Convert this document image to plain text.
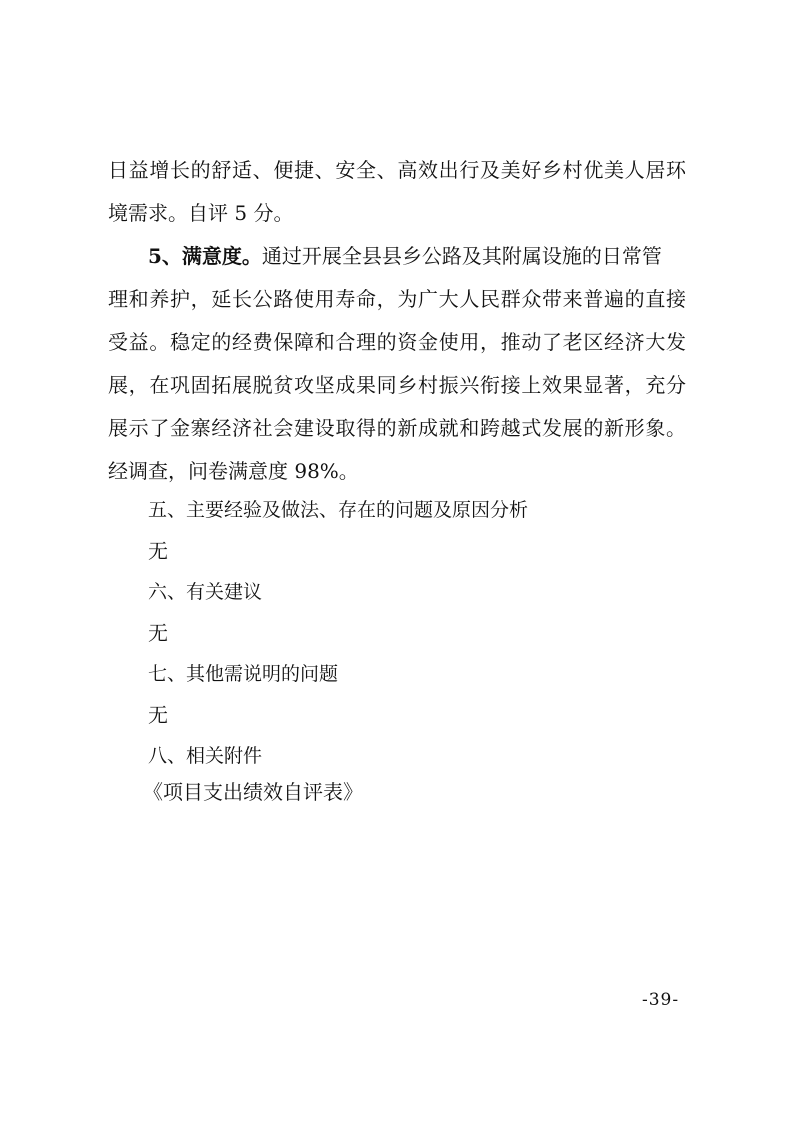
日益增长的舒适、便捷、安全、高效出行及美好乡村优美人居环
境需求。自评 5 分。
5、满意度。通过开展全县县乡公路及其附属设施的日常管
理和养护，延长公路使用寿命，为广大人民群众带来普遍的直接
受益。稳定的经费保障和合理的资金使用，推动了老区经济大发
展，在巩固拓展脱贫攻坚成果同乡村振兴衔接上效果显著，充分
展示了金寨经济社会建设取得的新成就和跨越式发展的新形象。
经调查，问卷满意度 98%。
五、主要经验及做法、存在的问题及原因分析
无
六、有关建议
无
七、其他需说明的问题
无
八、相关附件
《项目支出绩效自评表》
-39-
